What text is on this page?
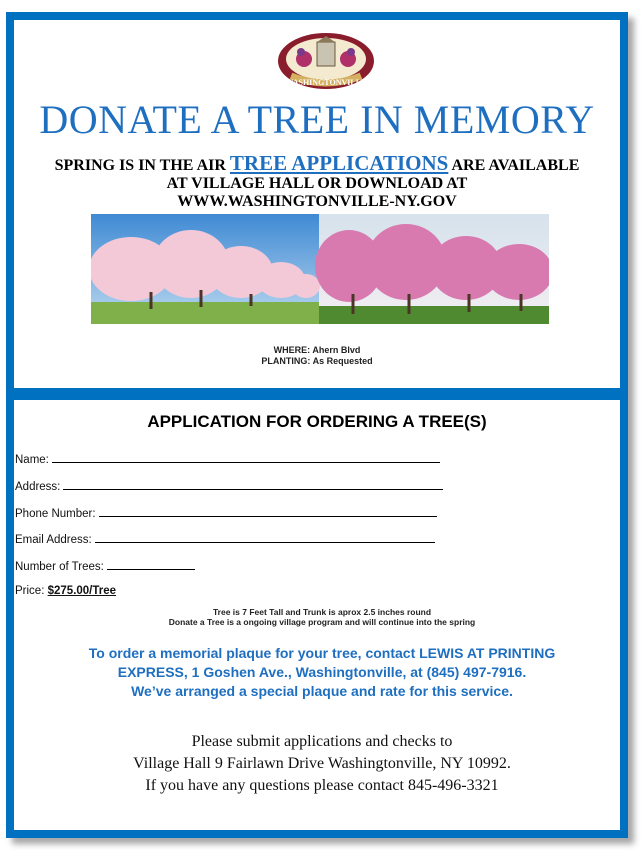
WASHINGTONVILLE
DONATE A TREE IN MEMORY
SPRING IS IN THE AIR TREE APPLICATIONS ARE AVAILABLE
AT VILLAGE HALL OR DOWNLOAD AT
WWW.WASHINGTONVILLE-NY.GOV
WHERE: Ahern Blvd
PLANTING: As Requested
APPLICATION FOR ORDERING A TREE(S)
Name:
Address:
Phone Number:
Email Address:
Number of Trees:
Price: $275.00/Tree
Tree is 7 Feet Tall and Trunk is aprox 2.5 inches round
Donate a Tree is a ongoing village program and will continue into the spring
To order a memorial plaque for your tree, contact LEWIS AT PRINTING
EXPRESS, 1 Goshen Ave., Washingtonville, at (845) 497-7916.
We’ve arranged a special plaque and rate for this service.
Please submit applications and checks to
Village Hall 9 Fairlawn Drive Washingtonville, NY 10992.
If you have any questions please contact 845-496-3321
